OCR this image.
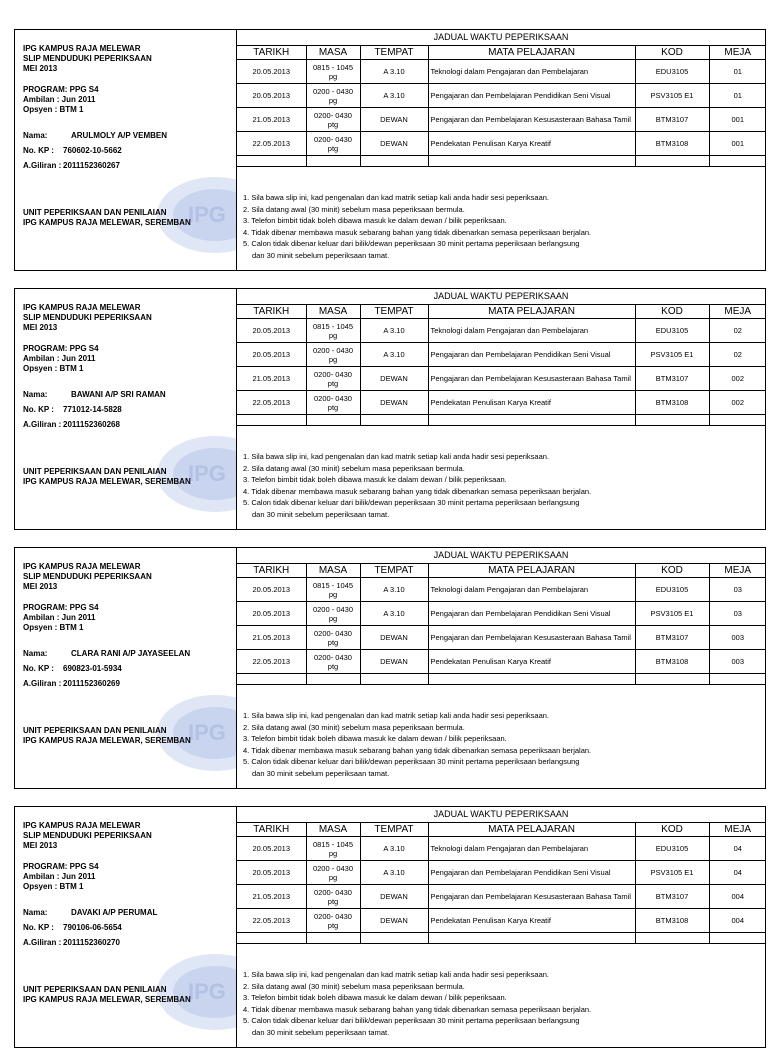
IPG
IPG KAMPUS RAJA MELEWAR
SLIP MENDUDUKI PEPERIKSAAN
MEI 2013
PROGRAM: PPG S4
Ambilan : Jun 2011
Opsyen : BTM 1
Nama:	ARULMOLY A/P VEMBEN
No. KP : 760602-10-5662
A.Giliran : 2011152360267
UNIT PEPERIKSAAN DAN PENILAIAN
IPG KAMPUS RAJA MELEWAR, SEREMBAN
JADUAL WAKTU PEPERIKSAAN
TARIKH	MASA	TEMPAT	MATA PELAJARAN	KOD	MEJA
20.05.2013	0815 - 1045 pg	A 3.10	Teknologi dalam Pengajaran dan Pembelajaran	EDU3105	01
20.05.2013	0200 - 0430 pg	A 3.10	Pengajaran dan Pembelajaran Pendidikan Seni Visual	PSV3105 E1	01
21.05.2013	0200- 0430 ptg	DEWAN	Pengajaran dan Pembelajaran Kesusasteraan Bahasa Tamil	BTM3107	001
22.05.2013	0200- 0430 ptg	DEWAN	Pendekatan Penulisan Karya Kreatif	BTM3108	001

1. Sila bawa slip ini, kad pengenalan dan kad matrik setiap kali anda hadir sesi peperiksaan.
2. Sila datang awal (30 minit) sebelum masa peperiksaan bermula.
3. Telefon bimbit tidak boleh dibawa masuk ke dalam dewan / bilik peperiksaan.
4. Tidak dibenar membawa masuk sebarang bahan yang tidak dibenarkan semasa peperiksaan berjalan.
5. Calon tidak dibenar keluar dari bilik/dewan peperiksaan 30 minit pertama peperiksaan berlangsung
dan 30 minit sebelum peperiksaan tamat.
IPG
IPG KAMPUS RAJA MELEWAR
SLIP MENDUDUKI PEPERIKSAAN
MEI 2013
PROGRAM: PPG S4
Ambilan : Jun 2011
Opsyen : BTM 1
Nama:	BAWANI A/P SRI RAMAN
No. KP : 771012-14-5828
A.Giliran : 2011152360268
UNIT PEPERIKSAAN DAN PENILAIAN
IPG KAMPUS RAJA MELEWAR, SEREMBAN
JADUAL WAKTU PEPERIKSAAN
TARIKH	MASA	TEMPAT	MATA PELAJARAN	KOD	MEJA
20.05.2013	0815 - 1045 pg	A 3.10	Teknologi dalam Pengajaran dan Pembelajaran	EDU3105	02
20.05.2013	0200 - 0430 pg	A 3.10	Pengajaran dan Pembelajaran Pendidikan Seni Visual	PSV3105 E1	02
21.05.2013	0200- 0430 ptg	DEWAN	Pengajaran dan Pembelajaran Kesusasteraan Bahasa Tamil	BTM3107	002
22.05.2013	0200- 0430 ptg	DEWAN	Pendekatan Penulisan Karya Kreatif	BTM3108	002

1. Sila bawa slip ini, kad pengenalan dan kad matrik setiap kali anda hadir sesi peperiksaan.
2. Sila datang awal (30 minit) sebelum masa peperiksaan bermula.
3. Telefon bimbit tidak boleh dibawa masuk ke dalam dewan / bilik peperiksaan.
4. Tidak dibenar membawa masuk sebarang bahan yang tidak dibenarkan semasa peperiksaan berjalan.
5. Calon tidak dibenar keluar dari bilik/dewan peperiksaan 30 minit pertama peperiksaan berlangsung
dan 30 minit sebelum peperiksaan tamat.
IPG
IPG KAMPUS RAJA MELEWAR
SLIP MENDUDUKI PEPERIKSAAN
MEI 2013
PROGRAM: PPG S4
Ambilan : Jun 2011
Opsyen : BTM 1
Nama:	CLARA RANI A/P JAYASEELAN
No. KP : 690823-01-5934
A.Giliran : 2011152360269
UNIT PEPERIKSAAN DAN PENILAIAN
IPG KAMPUS RAJA MELEWAR, SEREMBAN
JADUAL WAKTU PEPERIKSAAN
TARIKH	MASA	TEMPAT	MATA PELAJARAN	KOD	MEJA
20.05.2013	0815 - 1045 pg	A 3.10	Teknologi dalam Pengajaran dan Pembelajaran	EDU3105	03
20.05.2013	0200 - 0430 pg	A 3.10	Pengajaran dan Pembelajaran Pendidikan Seni Visual	PSV3105 E1	03
21.05.2013	0200- 0430 ptg	DEWAN	Pengajaran dan Pembelajaran Kesusasteraan Bahasa Tamil	BTM3107	003
22.05.2013	0200- 0430 ptg	DEWAN	Pendekatan Penulisan Karya Kreatif	BTM3108	003

1. Sila bawa slip ini, kad pengenalan dan kad matrik setiap kali anda hadir sesi peperiksaan.
2. Sila datang awal (30 minit) sebelum masa peperiksaan bermula.
3. Telefon bimbit tidak boleh dibawa masuk ke dalam dewan / bilik peperiksaan.
4. Tidak dibenar membawa masuk sebarang bahan yang tidak dibenarkan semasa peperiksaan berjalan.
5. Calon tidak dibenar keluar dari bilik/dewan peperiksaan 30 minit pertama peperiksaan berlangsung
dan 30 minit sebelum peperiksaan tamat.
IPG
IPG KAMPUS RAJA MELEWAR
SLIP MENDUDUKI PEPERIKSAAN
MEI 2013
PROGRAM: PPG S4
Ambilan : Jun 2011
Opsyen : BTM 1
Nama:	DAVAKI A/P PERUMAL
No. KP : 790106-06-5654
A.Giliran : 2011152360270
UNIT PEPERIKSAAN DAN PENILAIAN
IPG KAMPUS RAJA MELEWAR, SEREMBAN
JADUAL WAKTU PEPERIKSAAN
TARIKH	MASA	TEMPAT	MATA PELAJARAN	KOD	MEJA
20.05.2013	0815 - 1045 pg	A 3.10	Teknologi dalam Pengajaran dan Pembelajaran	EDU3105	04
20.05.2013	0200 - 0430 pg	A 3.10	Pengajaran dan Pembelajaran Pendidikan Seni Visual	PSV3105 E1	04
21.05.2013	0200- 0430 ptg	DEWAN	Pengajaran dan Pembelajaran Kesusasteraan Bahasa Tamil	BTM3107	004
22.05.2013	0200- 0430 ptg	DEWAN	Pendekatan Penulisan Karya Kreatif	BTM3108	004

1. Sila bawa slip ini, kad pengenalan dan kad matrik setiap kali anda hadir sesi peperiksaan.
2. Sila datang awal (30 minit) sebelum masa peperiksaan bermula.
3. Telefon bimbit tidak boleh dibawa masuk ke dalam dewan / bilik peperiksaan.
4. Tidak dibenar membawa masuk sebarang bahan yang tidak dibenarkan semasa peperiksaan berjalan.
5. Calon tidak dibenar keluar dari bilik/dewan peperiksaan 30 minit pertama peperiksaan berlangsung
dan 30 minit sebelum peperiksaan tamat.
